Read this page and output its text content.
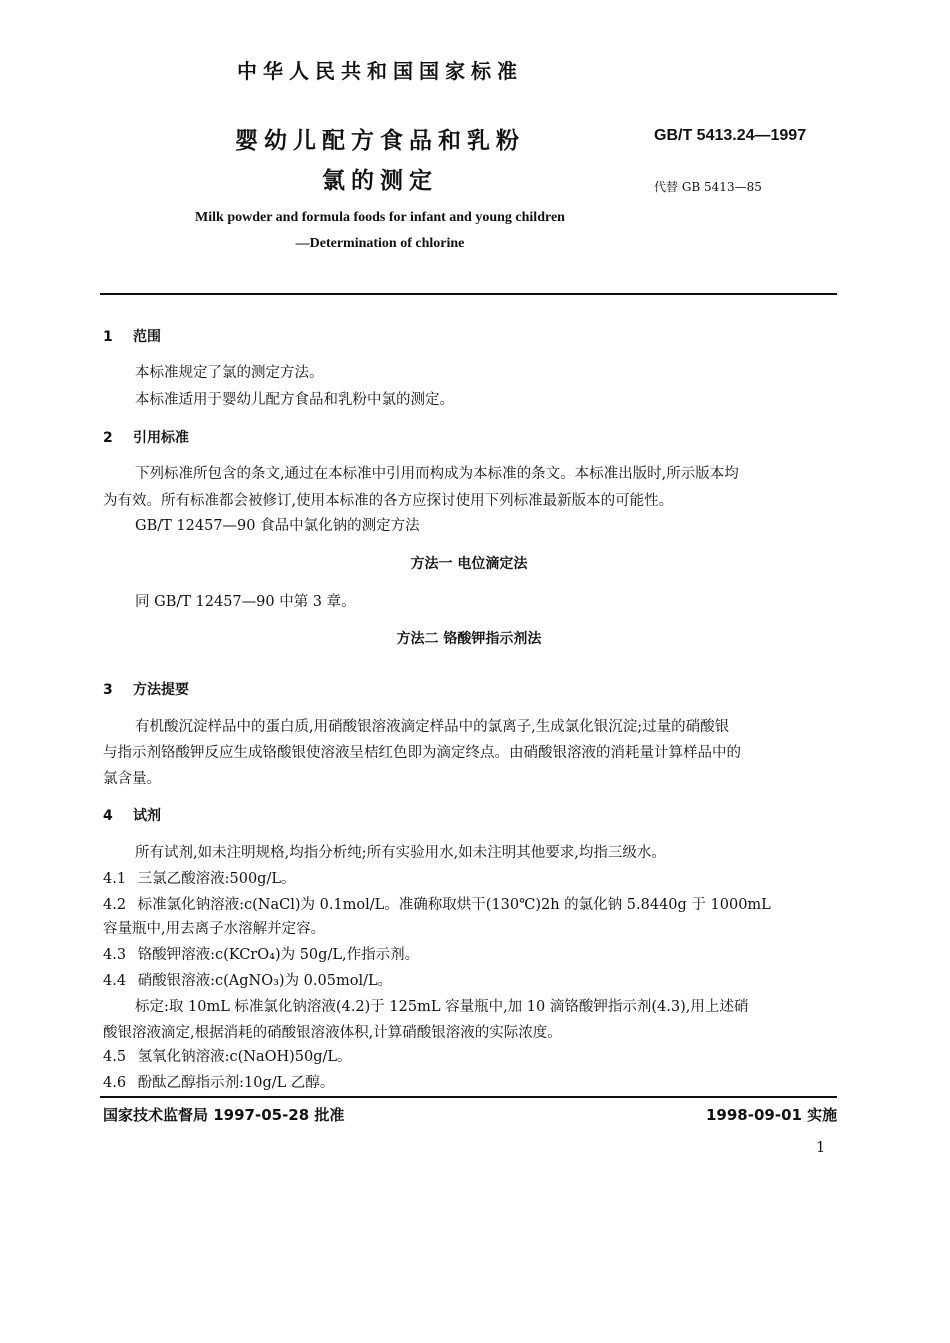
中华人民共和国国家标准
婴幼儿配方食品和乳粉
氯的测定
GB/T 5413.24—1997
代替 GB 5413—85
Milk powder and formula foods for infant and young children
—Determination of chlorine
1 范围
本标准规定了氯的测定方法。
本标准适用于婴幼儿配方食品和乳粉中氯的测定。
2 引用标准
下列标准所包含的条文,通过在本标准中引用而构成为本标准的条文。本标准出版时,所示版本均
为有效。所有标准都会被修订,使用本标准的各方应探讨使用下列标准最新版本的可能性。
GB/T 12457—90 食品中氯化钠的测定方法
方法一 电位滴定法
同 GB/T 12457—90 中第 3 章。
方法二 铬酸钾指示剂法
3 方法提要
有机酸沉淀样品中的蛋白质,用硝酸银溶液滴定样品中的氯离子,生成氯化银沉淀;过量的硝酸银
与指示剂铬酸钾反应生成铬酸银使溶液呈桔红色即为滴定终点。由硝酸银溶液的消耗量计算样品中的
氯含量。
4 试剂
所有试剂,如未注明规格,均指分析纯;所有实验用水,如未注明其他要求,均指三级水。
4.1 三氯乙酸溶液:500g/L。
4.2 标准氯化钠溶液:c(NaCl)为 0.1mol/L。准确称取烘干(130℃)2h 的氯化钠 5.8440g 于 1000mL
容量瓶中,用去离子水溶解并定容。
4.3 铬酸钾溶液:c(KCrO₄)为 50g/L,作指示剂。
4.4 硝酸银溶液:c(AgNO₃)为 0.05mol/L。
标定:取 10mL 标准氯化钠溶液(4.2)于 125mL 容量瓶中,加 10 滴铬酸钾指示剂(4.3),用上述硝
酸银溶液滴定,根据消耗的硝酸银溶液体积,计算硝酸银溶液的实际浓度。
4.5 氢氧化钠溶液:c(NaOH)50g/L。
4.6 酚酞乙醇指示剂:10g/L 乙醇。
国家技术监督局 1997-05-28 批准	1998-09-01 实施
1
